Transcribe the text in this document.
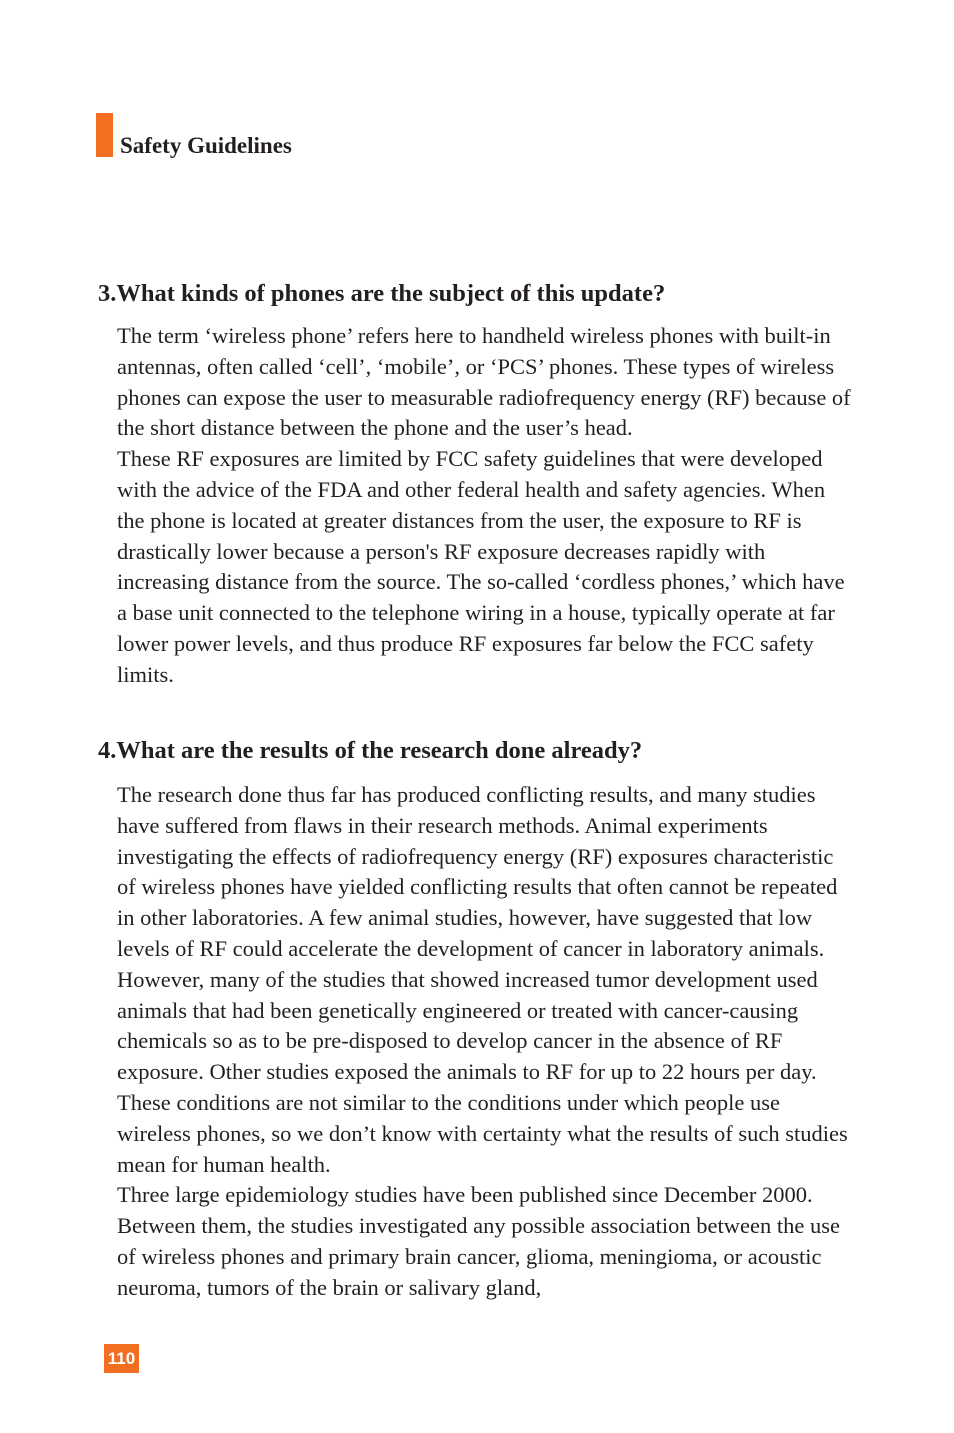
Safety Guidelines
3.What kinds of phones are the subject of this update?

The term ‘wireless phone’ refers here to handheld wireless phones with built-in antennas, often called ‘cell’, ‘mobile’, or ‘PCS’ phones. These types of wireless phones can expose the user to measurable radiofrequency energy (RF) because of the short distance between the phone and the user’s head.

These RF exposures are limited by FCC safety guidelines that were developed with the advice of the FDA and other federal health and safety agencies. When the phone is located at greater distances from the user, the exposure to RF is drastically lower because a person's RF exposure decreases rapidly with increasing distance from the source. The so-called ‘cordless phones,’ which have a base unit connected to the telephone wiring in a house, typically operate at far lower power levels, and thus produce RF exposures far below the FCC safety limits.

4.What are the results of the research done already?

The research done thus far has produced conflicting results, and many studies have suffered from flaws in their research methods. Animal experiments investigating the effects of radiofrequency energy (RF) exposures characteristic of wireless phones have yielded conflicting results that often cannot be repeated in other laboratories. A few animal studies, however, have suggested that low levels of RF could accelerate the development of cancer in laboratory animals. However, many of the studies that showed increased tumor development used animals that had been genetically engineered or treated with cancer-causing chemicals so as to be pre-disposed to develop cancer in the absence of RF exposure. Other studies exposed the animals to RF for up to 22 hours per day. These conditions are not similar to the conditions under which people use wireless phones, so we don’t know with certainty what the results of such studies mean for human health.

Three large epidemiology studies have been published since December 2000. Between them, the studies investigated any possible association between the use of wireless phones and primary brain cancer, glioma, meningioma, or acoustic neuroma, tumors of the brain or salivary gland,

110
